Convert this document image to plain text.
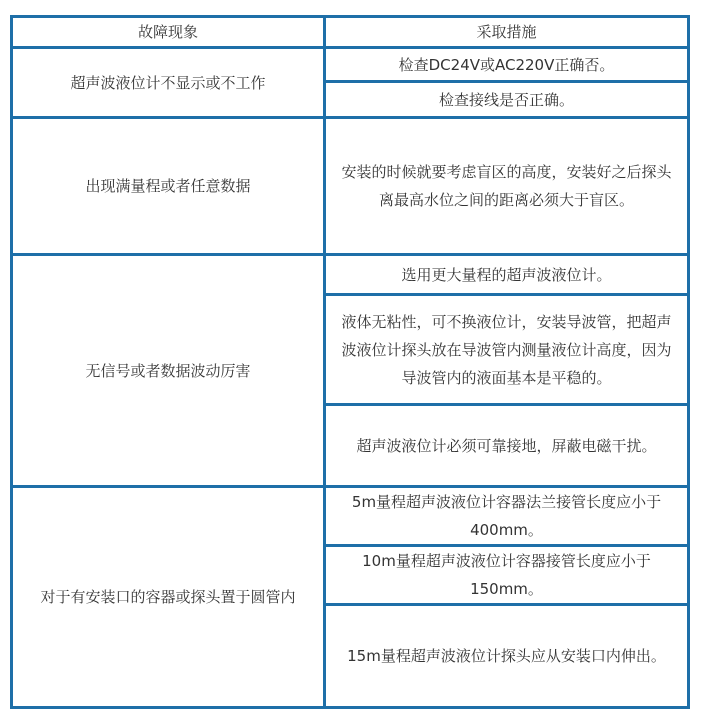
故障现象	采取措施
超声波液位计不显示或不工作	检查DC24V或AC220V正确否。
	检查接线是否正确。
出现满量程或者任意数据	安装的时候就要考虑盲区的高度，安装好之后探头离最高水位之间的距离必须大于盲区。
无信号或者数据波动厉害	选用更大量程的超声波液位计。
	液体无粘性，可不换液位计，安装导波管，把超声波液位计探头放在导波管内测量液位计高度，因为导波管内的液面基本是平稳的。
	超声波液位计必须可靠接地，屏蔽电磁干扰。
对于有安装口的容器或探头置于圆管内	5m量程超声波液位计容器法兰接管长度应小于400mm。
	10m量程超声波液位计容器接管长度应小于150mm。
	15m量程超声波液位计探头应从安装口内伸出。
